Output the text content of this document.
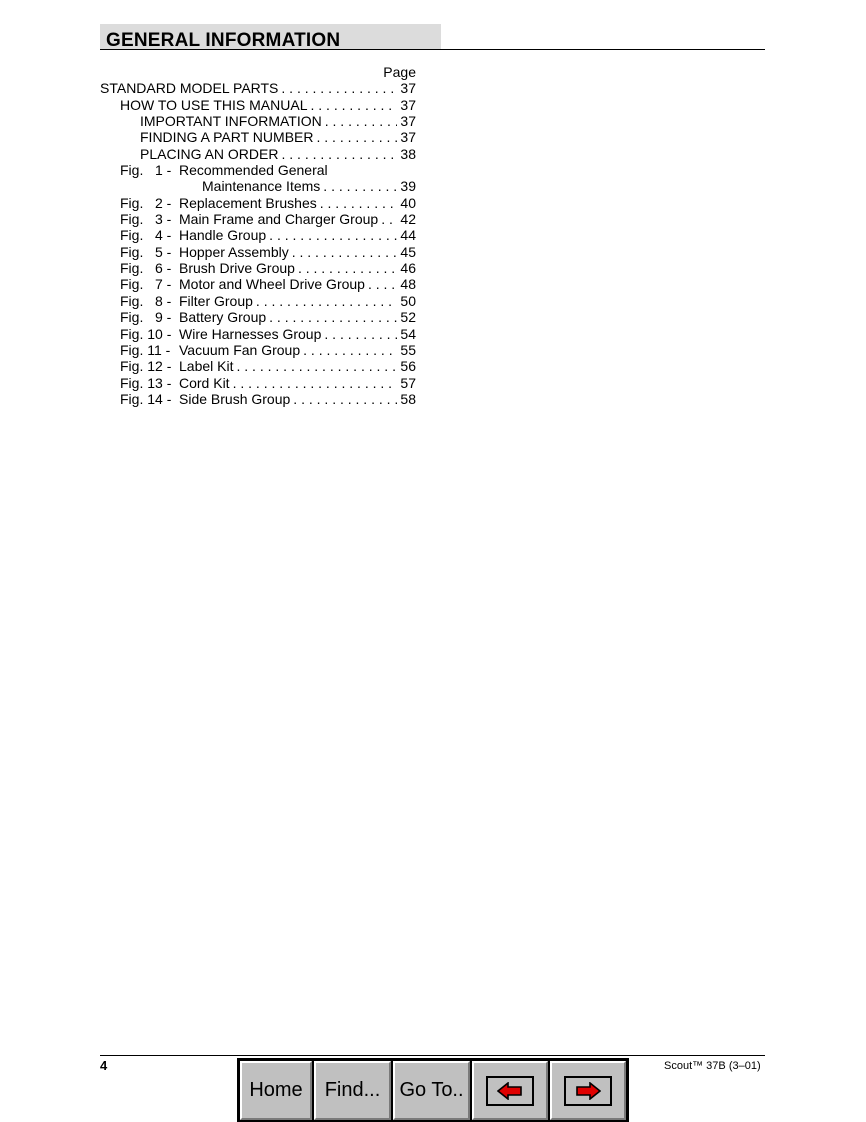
GENERAL INFORMATION
Page
STANDARD MODEL PARTS . . .	37
HOW TO USE THIS MANUAL . . .	37
IMPORTANT INFORMATION . . .	37
FINDING A PART NUMBER . . .	37
PLACING AN ORDER . . .	38
Fig.   1 - Recommended General
Maintenance Items . . .	39
Fig.   2 - Replacement Brushes . . .	40
Fig.   3 - Main Frame and Charger Group . . . 42
Fig.   4 - Handle Group . . .	44
Fig.   5 - Hopper Assembly . . .	45
Fig.   6 - Brush Drive Group . . .	46
Fig.   7 - Motor and Wheel Drive Group . . .	48
Fig.   8 - Filter Group . . .	50
Fig.   9 - Battery Group . . .	52
Fig. 10 - Wire Harnesses Group . . .	54
Fig. 11 - Vacuum Fan Group . . .	55
Fig. 12 - Label Kit . . .	56
Fig. 13 - Cord Kit . . .	57
Fig. 14 - Side Brush Group . . .	58
4	Scout™ 37B (3–01)
Home Find... Go To..
